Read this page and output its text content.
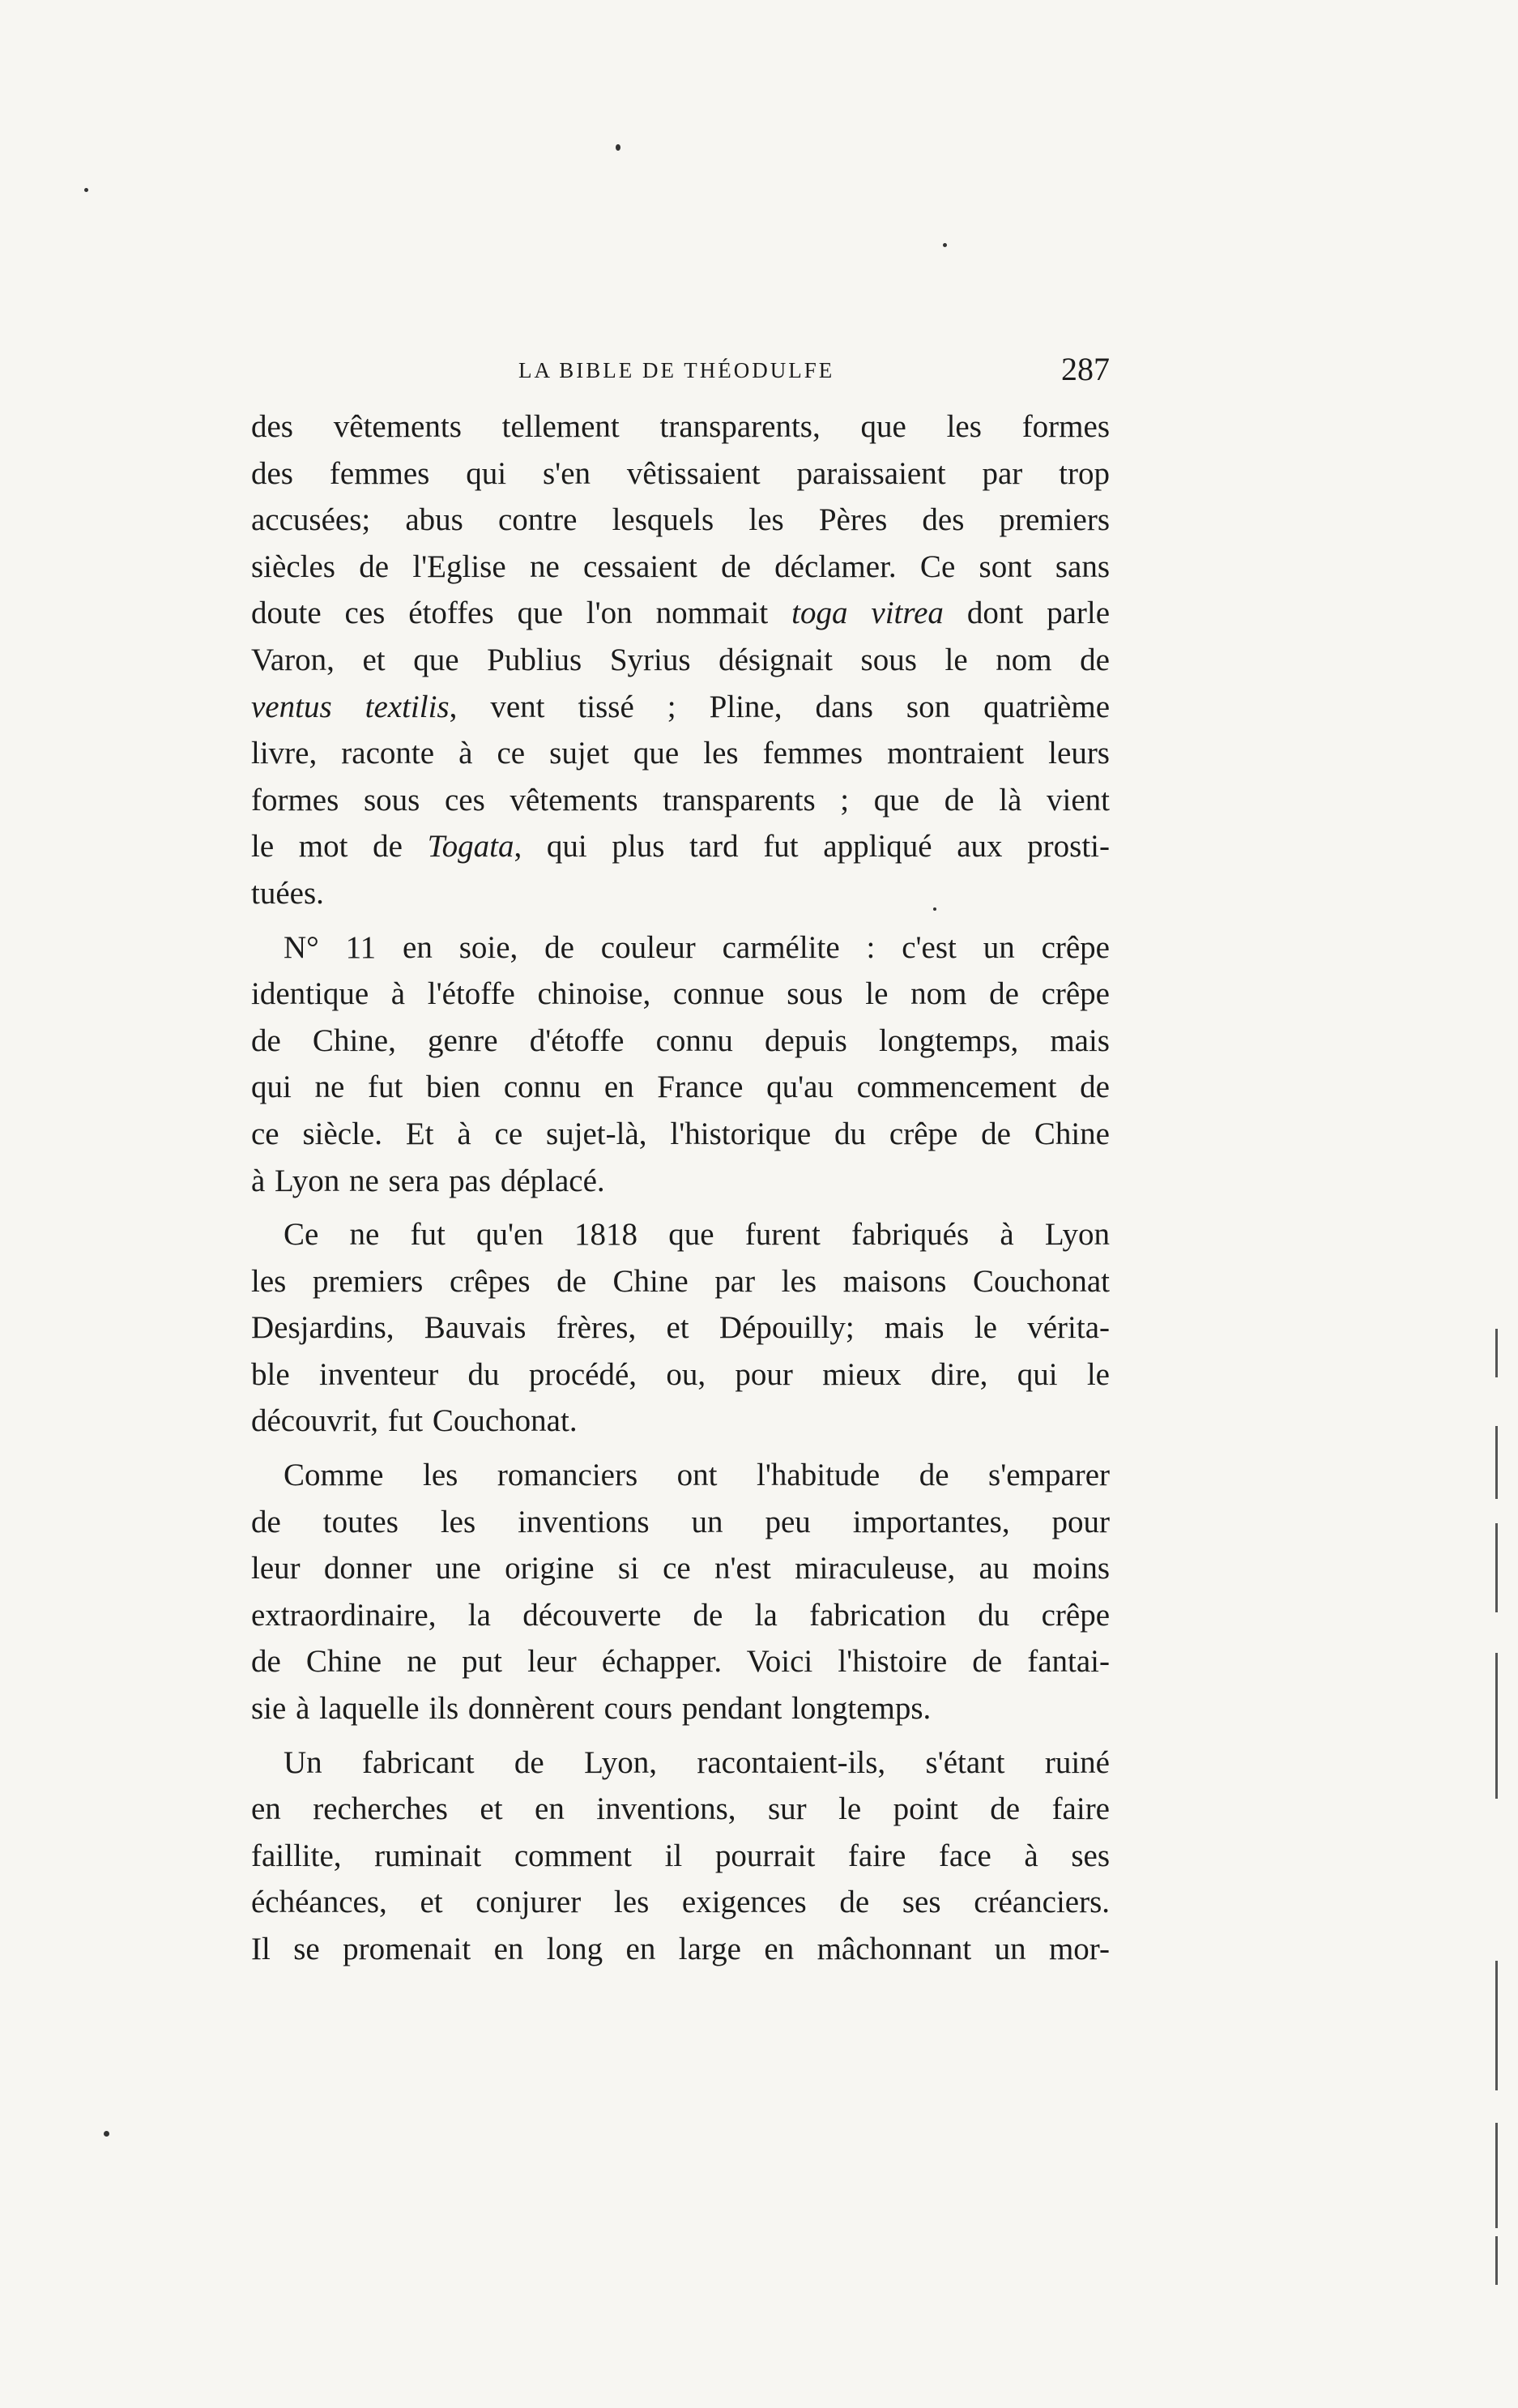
LA BIBLE DE THÉODULFE	287
des vêtements tellement transparents, que les formes
des femmes qui s'en vêtissaient paraissaient par trop
accusées; abus contre lesquels les Pères des premiers
siècles de l'Eglise ne cessaient de déclamer. Ce sont sans
doute ces étoffes que l'on nommait toga vitrea dont parle
Varon, et que Publius Syrius désignait sous le nom de
ventus textilis, vent tissé ; Pline, dans son quatrième
livre, raconte à ce sujet que les femmes montraient leurs
formes sous ces vêtements transparents ; que de là vient
le mot de Togata, qui plus tard fut appliqué aux prosti-
tuées.
N° 11 en soie, de couleur carmélite : c'est un crêpe
identique à l'étoffe chinoise, connue sous le nom de crêpe
de Chine, genre d'étoffe connu depuis longtemps, mais
qui ne fut bien connu en France qu'au commencement de
ce siècle. Et à ce sujet-là, l'historique du crêpe de Chine
à Lyon ne sera pas déplacé.
Ce ne fut qu'en 1818 que furent fabriqués à Lyon
les premiers crêpes de Chine par les maisons Couchonat
Desjardins, Bauvais frères, et Dépouilly; mais le vérita-
ble inventeur du procédé, ou, pour mieux dire, qui le
découvrit, fut Couchonat.
Comme les romanciers ont l'habitude de s'emparer
de toutes les inventions un peu importantes, pour
leur donner une origine si ce n'est miraculeuse, au moins
extraordinaire, la découverte de la fabrication du crêpe
de Chine ne put leur échapper. Voici l'histoire de fantai-
sie à laquelle ils donnèrent cours pendant longtemps.
Un fabricant de Lyon, racontaient-ils, s'étant ruiné
en recherches et en inventions, sur le point de faire
faillite, ruminait comment il pourrait faire face à ses
échéances, et conjurer les exigences de ses créanciers.
Il se promenait en long en large en mâchonnant un mor-
